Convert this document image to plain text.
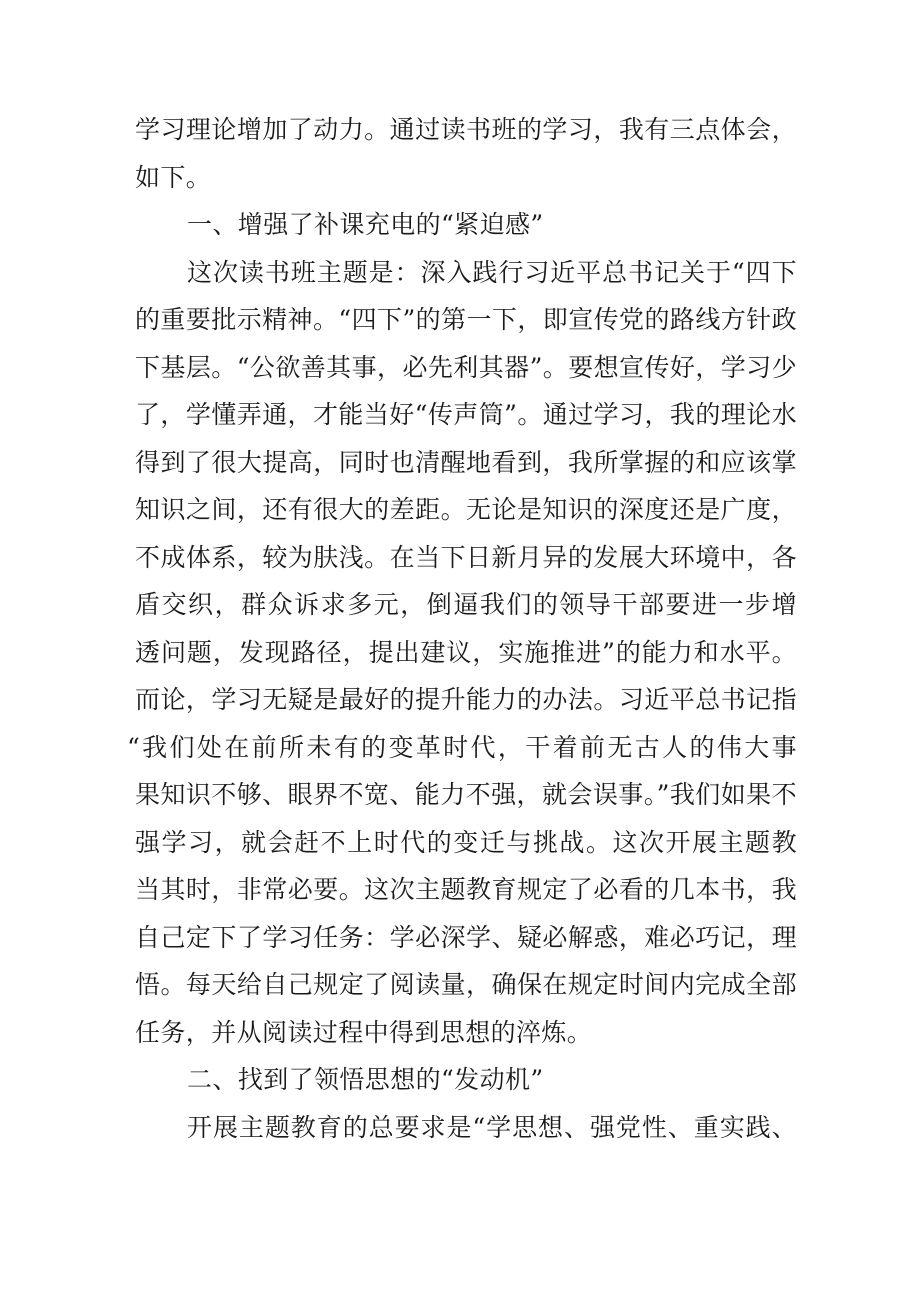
学习理论增加了动力。通过读书班的学习，我有三点体会，
如下。
一、增强了补课充电的“紧迫感”
这次读书班主题是：深入践行习近平总书记关于“四下
的重要批示精神。“四下”的第一下，即宣传党的路线方针政
下基层。“公欲善其事，必先利其器”。要想宣传好，学习少
了，学懂弄通，才能当好“传声筒”。通过学习，我的理论水
得到了很大提高，同时也清醒地看到，我所掌握的和应该掌
知识之间，还有很大的差距。无论是知识的深度还是广度，
不成体系，较为肤浅。在当下日新月异的发展大环境中，各
盾交织，群众诉求多元，倒逼我们的领导干部要进一步增
透问题，发现路径，提出建议，实施推进”的能力和水平。
而论，学习无疑是最好的提升能力的办法。习近平总书记指
“我们处在前所未有的变革时代，干着前无古人的伟大事
果知识不够、眼界不宽、能力不强，就会误事。”我们如果不
强学习，就会赶不上时代的变迁与挑战。这次开展主题教
当其时，非常必要。这次主题教育规定了必看的几本书，我
自己定下了学习任务：学必深学、疑必解惑，难必巧记，理
悟。每天给自己规定了阅读量，确保在规定时间内完成全部
任务，并从阅读过程中得到思想的淬炼。
二、找到了领悟思想的“发动机”
开展主题教育的总要求是“学思想、强党性、重实践、
